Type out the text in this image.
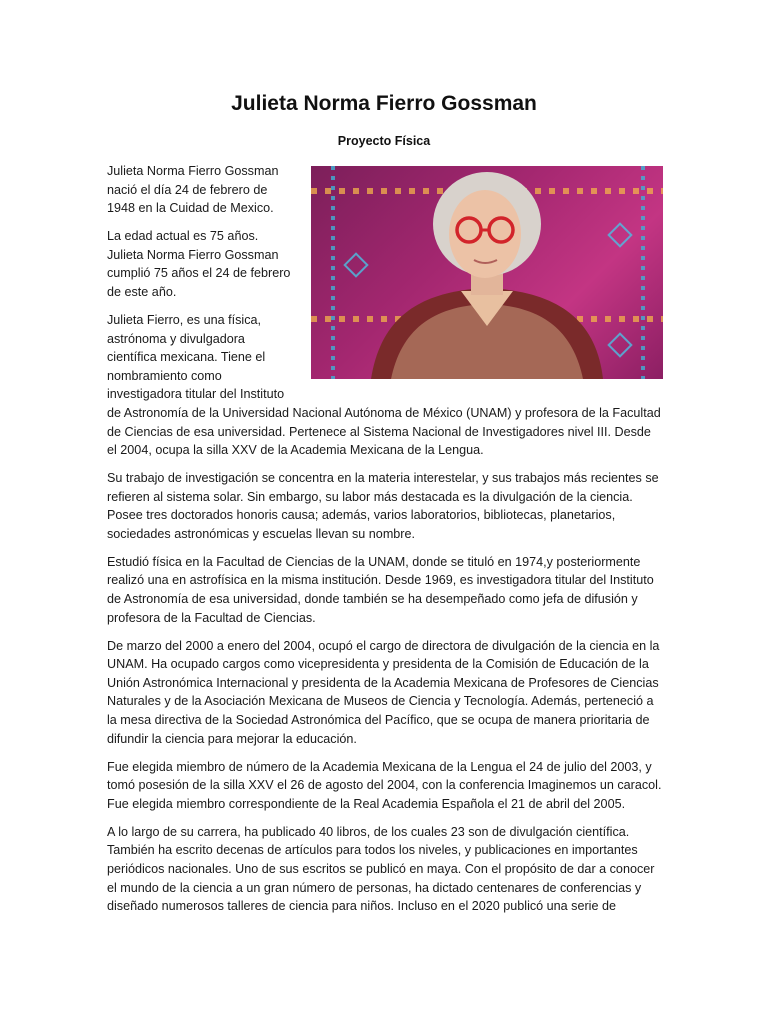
Julieta Norma Fierro Gossman
Proyecto Física

Julieta Norma Fierro Gossman nació el día 24 de febrero de 1948 en la Cuidad de Mexico.

La edad actual es 75 años. Julieta Norma Fierro Gossman cumplió 75 años el 24 de febrero de este año.

Julieta Fierro, es una física, astrónoma y divulgadora científica mexicana. Tiene el nombramiento como investigadora titular del Instituto de Astronomía de la Universidad Nacional Autónoma de México (UNAM) y profesora de la Facultad de Ciencias de esa universidad. Pertenece al Sistema Nacional de Investigadores nivel III. Desde el 2004, ocupa la silla XXV de la Academia Mexicana de la Lengua.

Su trabajo de investigación se concentra en la materia interestelar, y sus trabajos más recientes se refieren al sistema solar. Sin embargo, su labor más destacada es la divulgación de la ciencia. Posee tres doctorados honoris causa; además, varios laboratorios, bibliotecas, planetarios, sociedades astronómicas y escuelas llevan su nombre.

Estudió física en la Facultad de Ciencias de la UNAM, donde se tituló en 1974,y posteriormente realizó una en astrofísica en la misma institución. Desde 1969, es investigadora titular del Instituto de Astronomía de esa universidad, donde también se ha desempeñado como jefa de difusión y profesora de la Facultad de Ciencias.

De marzo del 2000 a enero del 2004, ocupó el cargo de directora de divulgación de la ciencia en la UNAM. Ha ocupado cargos como vicepresidenta y presidenta de la Comisión de Educación de la Unión Astronómica Internacional y presidenta de la Academia Mexicana de Profesores de Ciencias Naturales y de la Asociación Mexicana de Museos de Ciencia y Tecnología. Además, perteneció a la mesa directiva de la Sociedad Astronómica del Pacífico, que se ocupa de manera prioritaria de difundir la ciencia para mejorar la educación.

Fue elegida miembro de número de la Academia Mexicana de la Lengua el 24 de julio del 2003, y tomó posesión de la silla XXV el 26 de agosto del 2004, con la conferencia Imaginemos un caracol. Fue elegida miembro correspondiente de la Real Academia Española el 21 de abril del 2005.

A lo largo de su carrera, ha publicado 40 libros, de los cuales 23 son de divulgación científica. También ha escrito decenas de artículos para todos los niveles, y publicaciones en importantes periódicos nacionales. Uno de sus escritos se publicó en maya. Con el propósito de dar a conocer el mundo de la ciencia a un gran número de personas, ha dictado centenares de conferencias y diseñado numerosos talleres de ciencia para niños. Incluso en el 2020 publicó una serie de
